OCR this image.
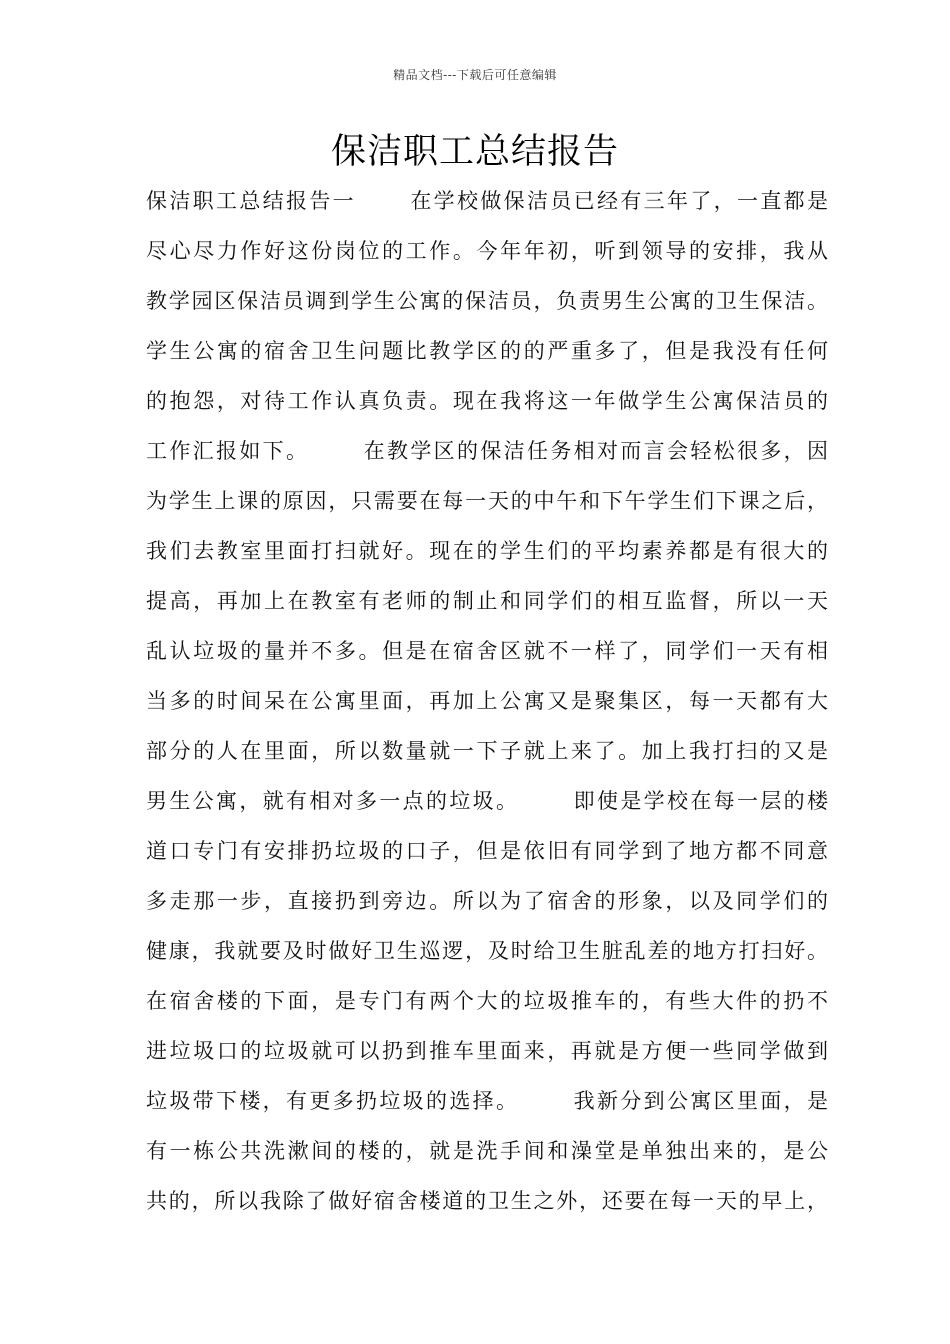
精品文档---下载后可任意编辑
保洁职工总结报告
保洁职工总结报告一 在学校做保洁员已经有三年了，一直都是
尽心尽力作好这份岗位的工作。今年年初，听到领导的安排，我从
教学园区保洁员调到学生公寓的保洁员，负责男生公寓的卫生保洁。
学生公寓的宿舍卫生问题比教学区的的严重多了，但是我没有任何
的抱怨，对待工作认真负责。现在我将这一年做学生公寓保洁员的
工作汇报如下。 在教学区的保洁任务相对而言会轻松很多，因
为学生上课的原因，只需要在每一天的中午和下午学生们下课之后，
我们去教室里面打扫就好。现在的学生们的平均素养都是有很大的
提高，再加上在教室有老师的制止和同学们的相互监督，所以一天
乱认垃圾的量并不多。但是在宿舍区就不一样了，同学们一天有相
当多的时间呆在公寓里面，再加上公寓又是聚集区，每一天都有大
部分的人在里面，所以数量就一下子就上来了。加上我打扫的又是
男生公寓，就有相对多一点的垃圾。 即使是学校在每一层的楼
道口专门有安排扔垃圾的口子，但是依旧有同学到了地方都不同意
多走那一步，直接扔到旁边。所以为了宿舍的形象，以及同学们的
健康，我就要及时做好卫生巡逻，及时给卫生脏乱差的地方打扫好。
在宿舍楼的下面，是专门有两个大的垃圾推车的，有些大件的扔不
进垃圾口的垃圾就可以扔到推车里面来，再就是方便一些同学做到
垃圾带下楼，有更多扔垃圾的选择。 我新分到公寓区里面，是
有一栋公共洗漱间的楼的，就是洗手间和澡堂是单独出来的，是公
共的，所以我除了做好宿舍楼道的卫生之外，还要在每一天的早上，
